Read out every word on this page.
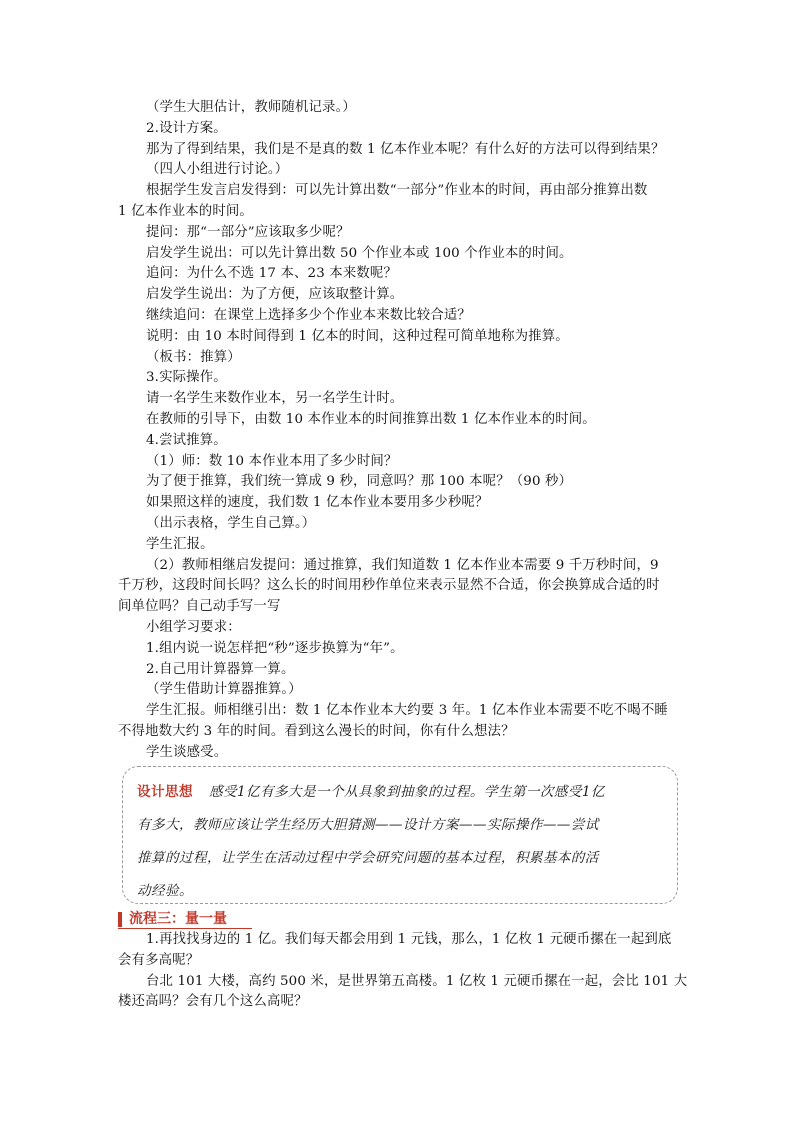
（学生大胆估计，教师随机记录。）
2.设计方案。
那为了得到结果，我们是不是真的数 1 亿本作业本呢？有什么好的方法可以得到结果？
（四人小组进行讨论。）
根据学生发言启发得到：可以先计算出数“一部分”作业本的时间，再由部分推算出数
1 亿本作业本的时间。
提问：那“一部分”应该取多少呢？
启发学生说出：可以先计算出数 50 个作业本或 100 个作业本的时间。
追问：为什么不选 17 本、23 本来数呢？
启发学生说出：为了方便，应该取整计算。
继续追问：在课堂上选择多少个作业本来数比较合适？
说明：由 10 本时间得到 1 亿本的时间，这种过程可简单地称为推算。
（板书：推算）
3.实际操作。
请一名学生来数作业本，另一名学生计时。
在教师的引导下，由数 10 本作业本的时间推算出数 1 亿本作业本的时间。
4.尝试推算。
（1）师：数 10 本作业本用了多少时间？
为了便于推算，我们统一算成 9 秒，同意吗？那 100 本呢？（90 秒）
如果照这样的速度，我们数 1 亿本作业本要用多少秒呢？
（出示表格，学生自己算。）
学生汇报。
（2）教师相继启发提问：通过推算，我们知道数 1 亿本作业本需要 9 千万秒时间，9
千万秒，这段时间长吗？这么长的时间用秒作单位来表示显然不合适，你会换算成合适的时
间单位吗？自己动手写一写
小组学习要求：
1.组内说一说怎样把“秒”逐步换算为“年”。
2.自己用计算器算一算。
（学生借助计算器推算。）
学生汇报。师相继引出：数 1 亿本作业本大约要 3 年。1 亿本作业本需要不吃不喝不睡
不得地数大约 3 年的时间。看到这么漫长的时间，你有什么想法？
学生谈感受。
设计思想 感受1亿有多大是一个从具象到抽象的过程。学生第一次感受1亿
有多大，教师应该让学生经历大胆猜测——设计方案——实际操作——尝试
推算的过程，让学生在活动过程中学会研究问题的基本过程，积累基本的活
动经验。
流程三：量一量
1.再找找身边的 1 亿。我们每天都会用到 1 元钱，那么，1 亿枚 1 元硬币摞在一起到底
会有多高呢？
台北 101 大楼，高约 500 米，是世界第五高楼。1 亿枚 1 元硬币摞在一起，会比 101 大
楼还高吗？会有几个这么高呢？
